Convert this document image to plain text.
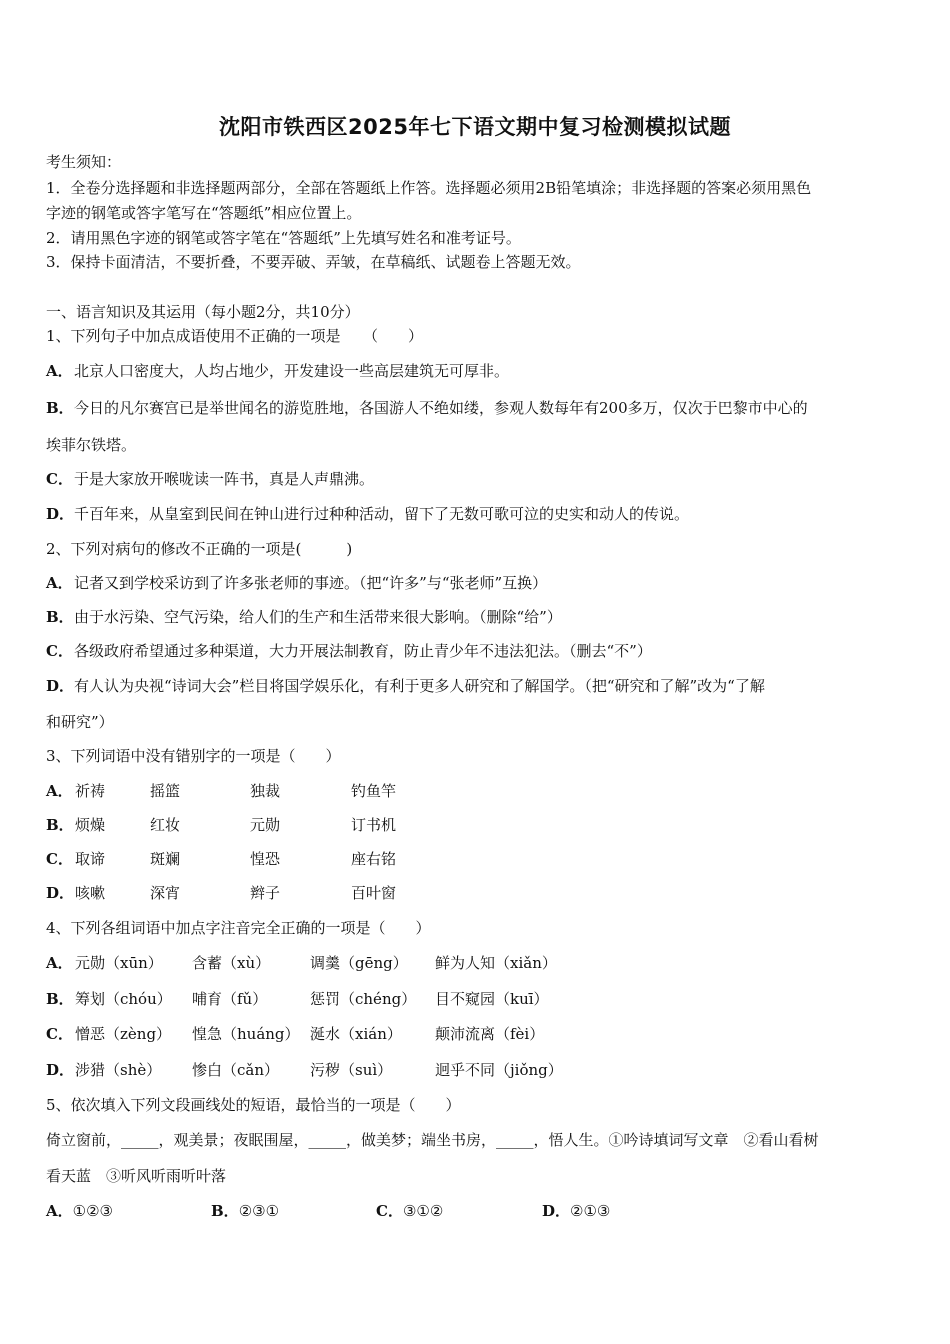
沈阳市铁西区2025年七下语文期中复习检测模拟试题
考生须知：
1．全卷分选择题和非选择题两部分，全部在答题纸上作答。选择题必须用2B铅笔填涂；非选择题的答案必须用黑色
字迹的钢笔或答字笔写在“答题纸”相应位置上。
2．请用黑色字迹的钢笔或答字笔在“答题纸”上先填写姓名和准考证号。
3．保持卡面清洁，不要折叠，不要弄破、弄皱，在草稿纸、试题卷上答题无效。
一、语言知识及其运用（每小题2分，共10分）
1、下列句子中加点成语使用不正确的一项是　　（　　）
A．北京人口密度大，人均占地少，开发建设一些高层建筑无可厚非。
B．今日的凡尔赛宫已是举世闻名的游览胜地，各国游人不绝如缕，参观人数每年有200多万，仅次于巴黎市中心的
埃菲尔铁塔。
C．于是大家放开喉咙读一阵书，真是人声鼎沸。
D．千百年来，从皇室到民间在钟山进行过种种活动，留下了无数可歌可泣的史实和动人的传说。
2、下列对病句的修改不正确的一项是(　　　)
A．记者又到学校采访到了许多张老师的事迹。（把“许多”与“张老师”互换）
B．由于水污染、空气污染，给人们的生产和生活带来很大影响。（删除“给”）
C．各级政府希望通过多种渠道，大力开展法制教育，防止青少年不违法犯法。（删去“不”）
D．有人认为央视“诗词大会”栏目将国学娱乐化，有利于更多人研究和了解国学。（把“研究和了解”改为“了解
和研究”）
3、下列词语中没有错别字的一项是（　　）
A． 祈祷	摇篮	独裁	钓鱼竿
B． 烦燥	红妆	元勋	订书机
C． 取谛	斑斓	惶恐	座右铭
D． 咳嗽	深宵	辫子	百叶窗
4、下列各组词语中加点字注音完全正确的一项是（　　）
A． 元勋（xūn） 含蓄（xù）	调羹（gēng） 鲜为人知（xiǎn）
B． 筹划（chóu） 哺育（fǔ）	惩罚（chéng） 目不窥园（kuī）
C． 憎恶（zèng） 惶急（huáng） 涎水（xián） 颠沛流离（fèi）
D． 涉猎（shè） 惨白（cǎn） 污秽（suì）	迥乎不同（jiǒng）
5、依次填入下列文段画线处的短语，最恰当的一项是（　　）
倚立窗前，_____，观美景；夜眠围屋，_____，做美梦；端坐书房，_____，悟人生。①吟诗填词写文章　②看山看树
看天蓝　③听风听雨听叶落
A．①②③	B．②③①	C．③①②	D．②①③
